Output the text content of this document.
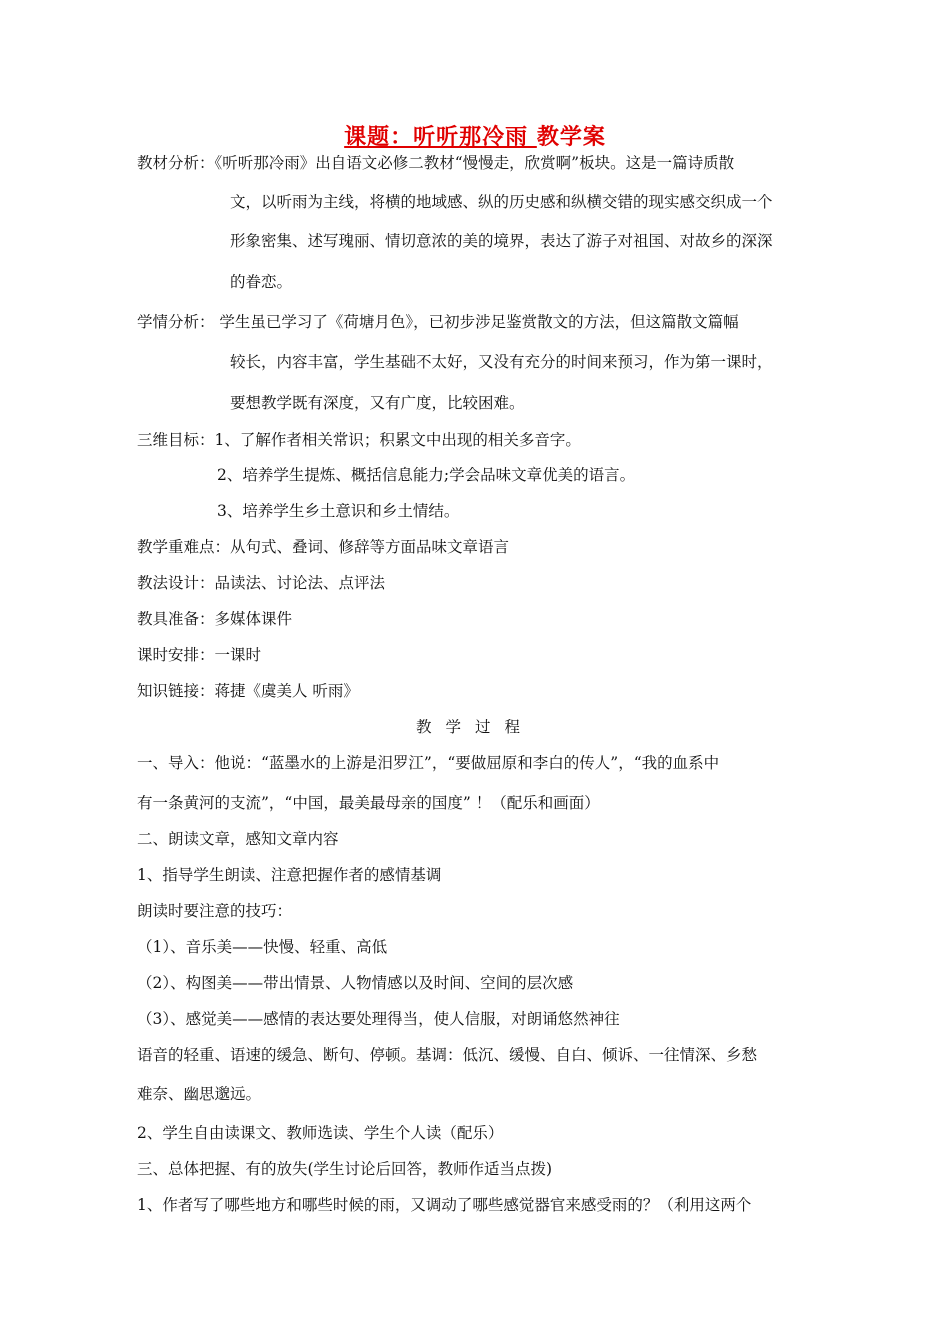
课题：听听那冷雨 教学案
教材分析：《听听那冷雨》出自语文必修二教材“慢慢走，欣赏啊”板块。这是一篇诗质散
文，以听雨为主线，将横的地域感、纵的历史感和纵横交错的现实感交织成一个
形象密集、述写瑰丽、情切意浓的美的境界，表达了游子对祖国、对故乡的深深
的眷恋。
学情分析： 学生虽已学习了《荷塘月色》，已初步涉足鉴赏散文的方法，但这篇散文篇幅
较长，内容丰富，学生基础不太好，又没有充分的时间来预习，作为第一课时，
要想教学既有深度，又有广度，比较困难。
三维目标：1、了解作者相关常识；积累文中出现的相关多音字。
2、培养学生提炼、概括信息能力;学会品味文章优美的语言。
3、培养学生乡土意识和乡土情结。
教学重难点：从句式、叠词、修辞等方面品味文章语言
教法设计：品读法、讨论法、点评法
教具准备：多媒体课件
课时安排：一课时
知识链接：蒋捷《虞美人 听雨》
教学过程
一、导入：他说：“蓝墨水的上游是汨罗江”，“要做屈原和李白的传人”，“我的血系中
有一条黄河的支流”，“中国，最美最母亲的国度” ！（配乐和画面）
二、朗读文章，感知文章内容
1、指导学生朗读、注意把握作者的感情基调
朗读时要注意的技巧：
（1）、音乐美——快慢、轻重、高低
（2）、构图美——带出情景、人物情感以及时间、空间的层次感
（3）、感觉美——感情的表达要处理得当，使人信服，对朗诵悠然神往
语音的轻重、语速的缓急、断句、停顿。基调：低沉、缓慢、自白、倾诉、一往情深、乡愁
难奈、幽思邈远。
2、学生自由读课文、教师选读、学生个人读（配乐）
三、总体把握、有的放失(学生讨论后回答，教师作适当点拨)
1、作者写了哪些地方和哪些时候的雨，又调动了哪些感觉器官来感受雨的？（利用这两个
